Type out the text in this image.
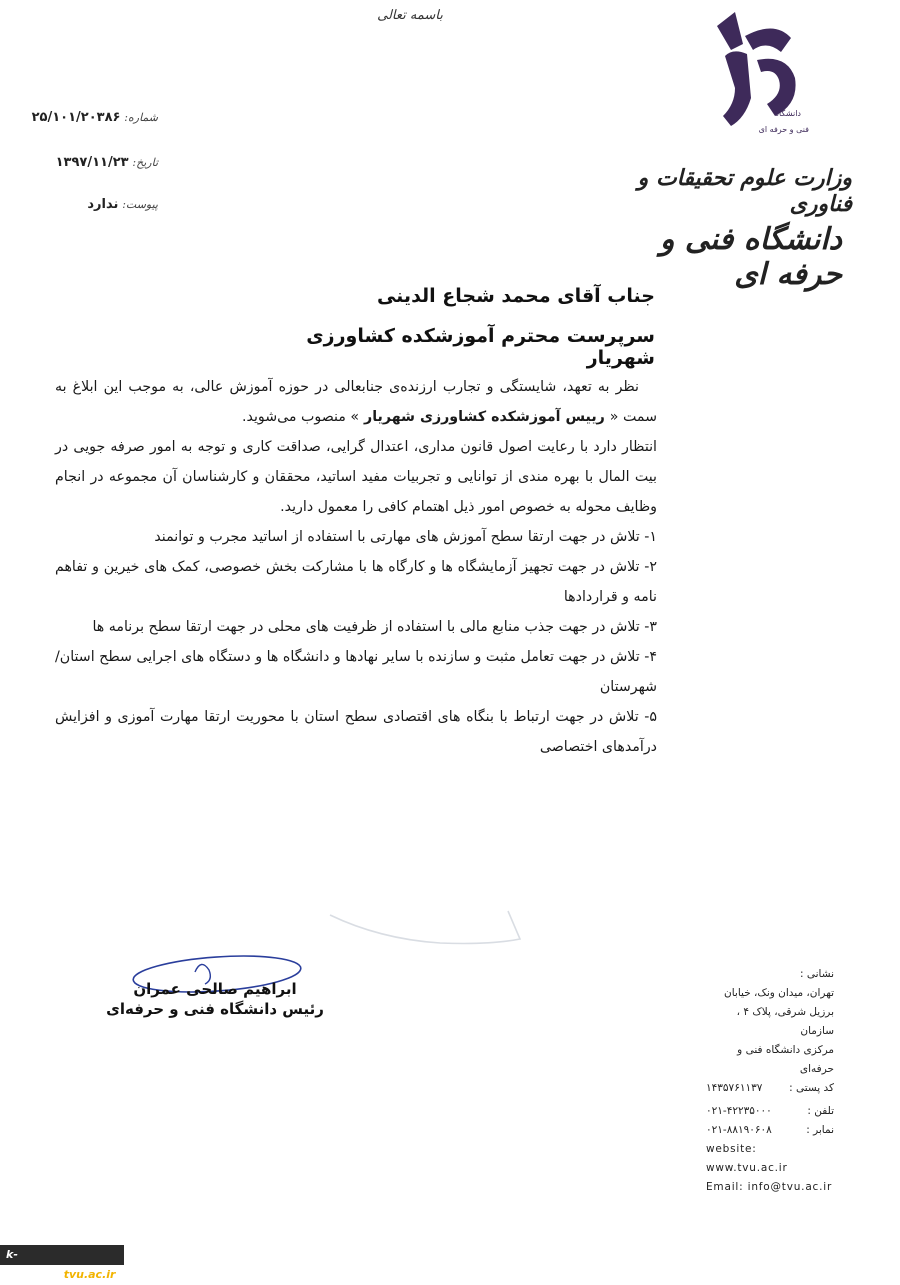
باسمه تعالی
دانشگاه
فنی و حرفه ای
وزارت علوم تحقیقات و فناوری
دانشگاه فنی و حرفه ای
شماره: ۲۵/۱۰۱/۲۰۳۸۶
تاریخ: ۱۳۹۷/۱۱/۲۳
پیوست: ندارد
جناب آقای محمد شجاع الدینی
سرپرست محترم آموزشکده کشاورزی شهریار

نظر به تعهد، شایستگی و تجارب ارزنده‌ی جنابعالی در حوزه آموزش عالی، به موجب این ابلاغ به سمت « رییس آموزشکده کشاورزی شهریار » منصوب می‌شوید.

انتظار دارد با رعایت اصول قانون مداری، اعتدال گرایی، صداقت کاری و توجه به امور صرفه جویی در بیت المال با بهره مندی از توانایی و تجربیات مفید اساتید، محققان و کارشناسان آن مجموعه در انجام وظایف محوله به خصوص امور ذیل اهتمام کافی را معمول دارید.

۱- تلاش در جهت ارتقا سطح آموزش های مهارتی با استفاده از اساتید مجرب و توانمند

۲- تلاش در جهت تجهیز آزمایشگاه ها و کارگاه ها با مشارکت بخش خصوصی، کمک های خیرین و تفاهم نامه و قراردادها

۳- تلاش در جهت جذب منابع مالی با استفاده از ظرفیت های محلی در جهت ارتقا سطح برنامه ها

۴- تلاش در جهت تعامل مثبت و سازنده با سایر نهادها و دانشگاه ها و دستگاه های اجرایی سطح استان/ شهرستان

۵- تلاش در جهت ارتباط با بنگاه های اقتصادی سطح استان با محوریت ارتقا مهارت آموزی و افزایش درآمدهای اختصاصی

ابراهیم صالحی عمران
رئیس دانشگاه فنی و حرفه‌ای
نشانی :
تهران، میدان ونک، خیابان
برزیل شرقی، پلاک ۴ ، سازمان
مرکزی دانشگاه فنی و حرفه‌ای
کد پستی :
۱۴۳۵۷۶۱۱۳۷
تلفن :
۰۲۱-۴۲۲۳۵۰۰۰
نمابر :
۰۲۱-۸۸۱۹۰۶۰۸
website: www.tvu.ac.ir
Email: info@tvu.ac.ir
k-shahryar.tvu.ac.ir
